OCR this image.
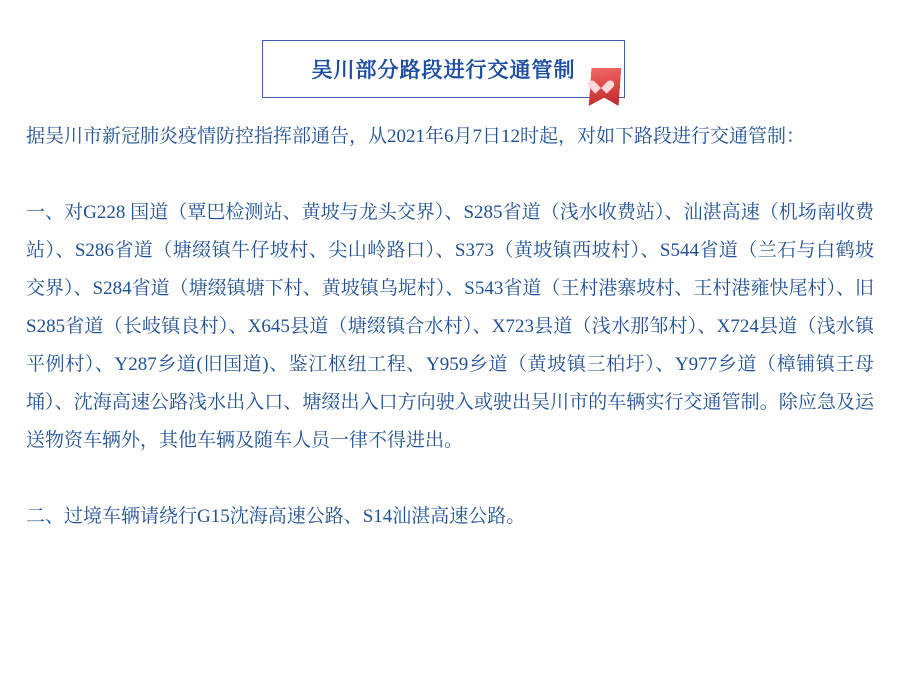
吴川部分路段进行交通管制

据吴川市新冠肺炎疫情防控指挥部通告，从2021年6月7日12时起，对如下路段进行交通管制：

一、对G228 国道（覃巴检测站、黄坡与龙头交界）、S285省道（浅水收费站）、汕湛高速（机场南收费站）、S286省道（塘缀镇牛仔坡村、尖山岭路口）、S373（黄坡镇西坡村）、S544省道（兰石与白鹤坡交界）、S284省道（塘缀镇塘下村、黄坡镇乌坭村）、S543省道（王村港寨坡村、王村港雍快尾村）、旧S285省道（长岐镇良村）、X645县道（塘缀镇合水村）、X723县道（浅水那邹村）、X724县道（浅水镇平例村）、Y287乡道(旧国道)、鉴江枢纽工程、Y959乡道（黄坡镇三柏圩）、Y977乡道（樟铺镇王母埇）、沈海高速公路浅水出入口、塘缀出入口方向驶入或驶出吴川市的车辆实行交通管制。除应急及运送物资车辆外，其他车辆及随车人员一律不得进出。

二、过境车辆请绕行G15沈海高速公路、S14汕湛高速公路。
